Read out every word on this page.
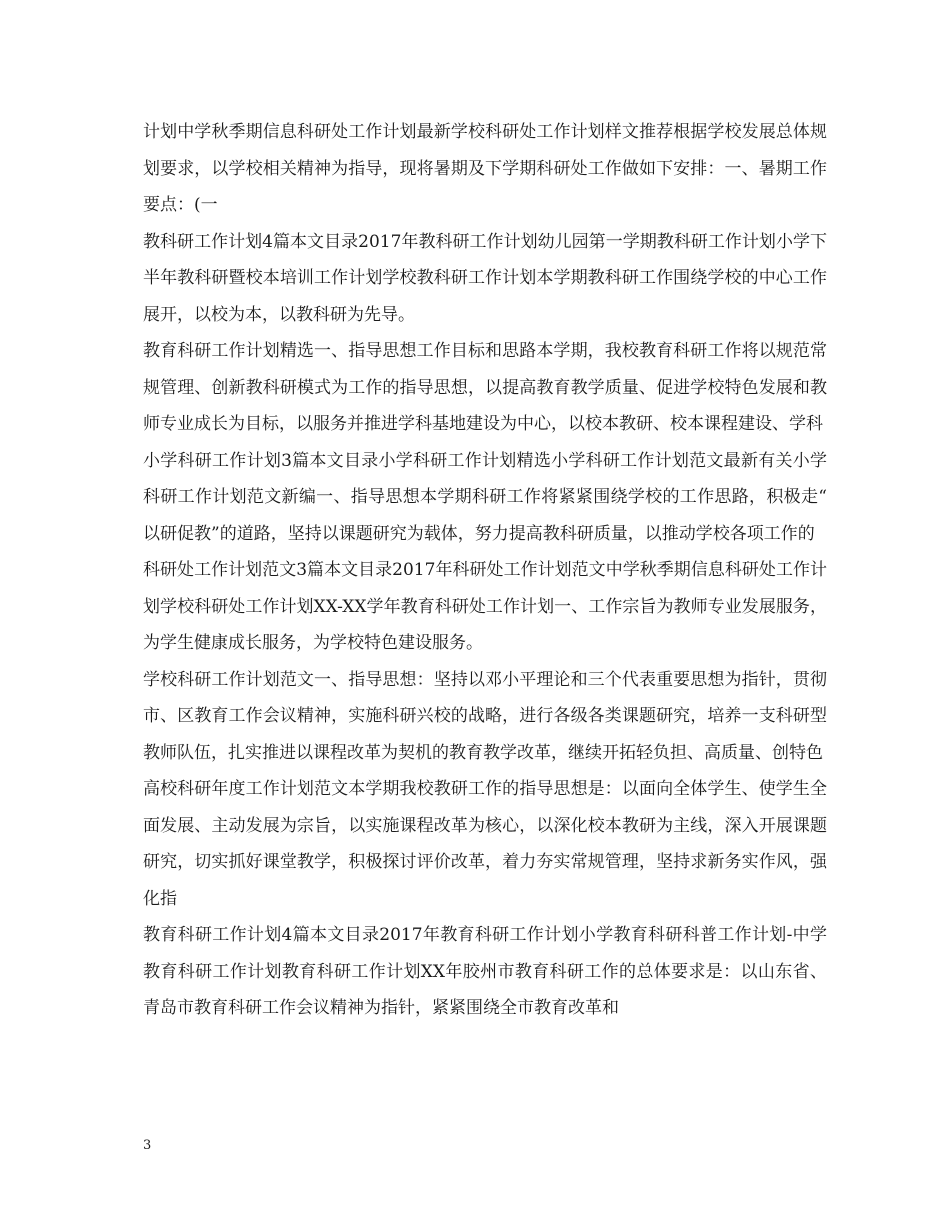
计划中学秋季期信息科研处工作计划最新学校科研处工作计划样文推荐根据学校发展总体规划要求，以学校相关精神为指导，现将暑期及下学期科研处工作做如下安排：一、暑期工作要点：(一

教科研工作计划4篇本文目录2017年教科研工作计划幼儿园第一学期教科研工作计划小学下半年教科研暨校本培训工作计划学校教科研工作计划本学期教科研工作围绕学校的中心工作展开，以校为本，以教科研为先导。

教育科研工作计划精选一、指导思想工作目标和思路本学期，我校教育科研工作将以规范常规管理、创新教科研模式为工作的指导思想，以提高教育教学质量、促进学校特色发展和教师专业成长为目标，以服务并推进学科基地建设为中心，以校本教研、校本课程建设、学科

小学科研工作计划3篇本文目录小学科研工作计划精选小学科研工作计划范文最新有关小学科研工作计划范文新编一、指导思想本学期科研工作将紧紧围绕学校的工作思路，积极走“以研促教”的道路，坚持以课题研究为载体，努力提高教科研质量，以推动学校各项工作的

科研处工作计划范文3篇本文目录2017年科研处工作计划范文中学秋季期信息科研处工作计划学校科研处工作计划XX-XX学年教育科研处工作计划一、工作宗旨为教师专业发展服务，为学生健康成长服务，为学校特色建设服务。

学校科研工作计划范文一、指导思想：坚持以邓小平理论和三个代表重要思想为指针，贯彻市、区教育工作会议精神，实施科研兴校的战略，进行各级各类课题研究，培养一支科研型教师队伍，扎实推进以课程改革为契机的教育教学改革，继续开拓轻负担、高质量、创特色

高校科研年度工作计划范文本学期我校教研工作的指导思想是：以面向全体学生、使学生全面发展、主动发展为宗旨，以实施课程改革为核心，以深化校本教研为主线，深入开展课题研究，切实抓好课堂教学，积极探讨评价改革，着力夯实常规管理，坚持求新务实作风，强化指

教育科研工作计划4篇本文目录2017年教育科研工作计划小学教育科研科普工作计划-中学教育科研工作计划教育科研工作计划XX年胶州市教育科研工作的总体要求是：以山东省、青岛市教育科研工作会议精神为指针，紧紧围绕全市教育改革和

3
